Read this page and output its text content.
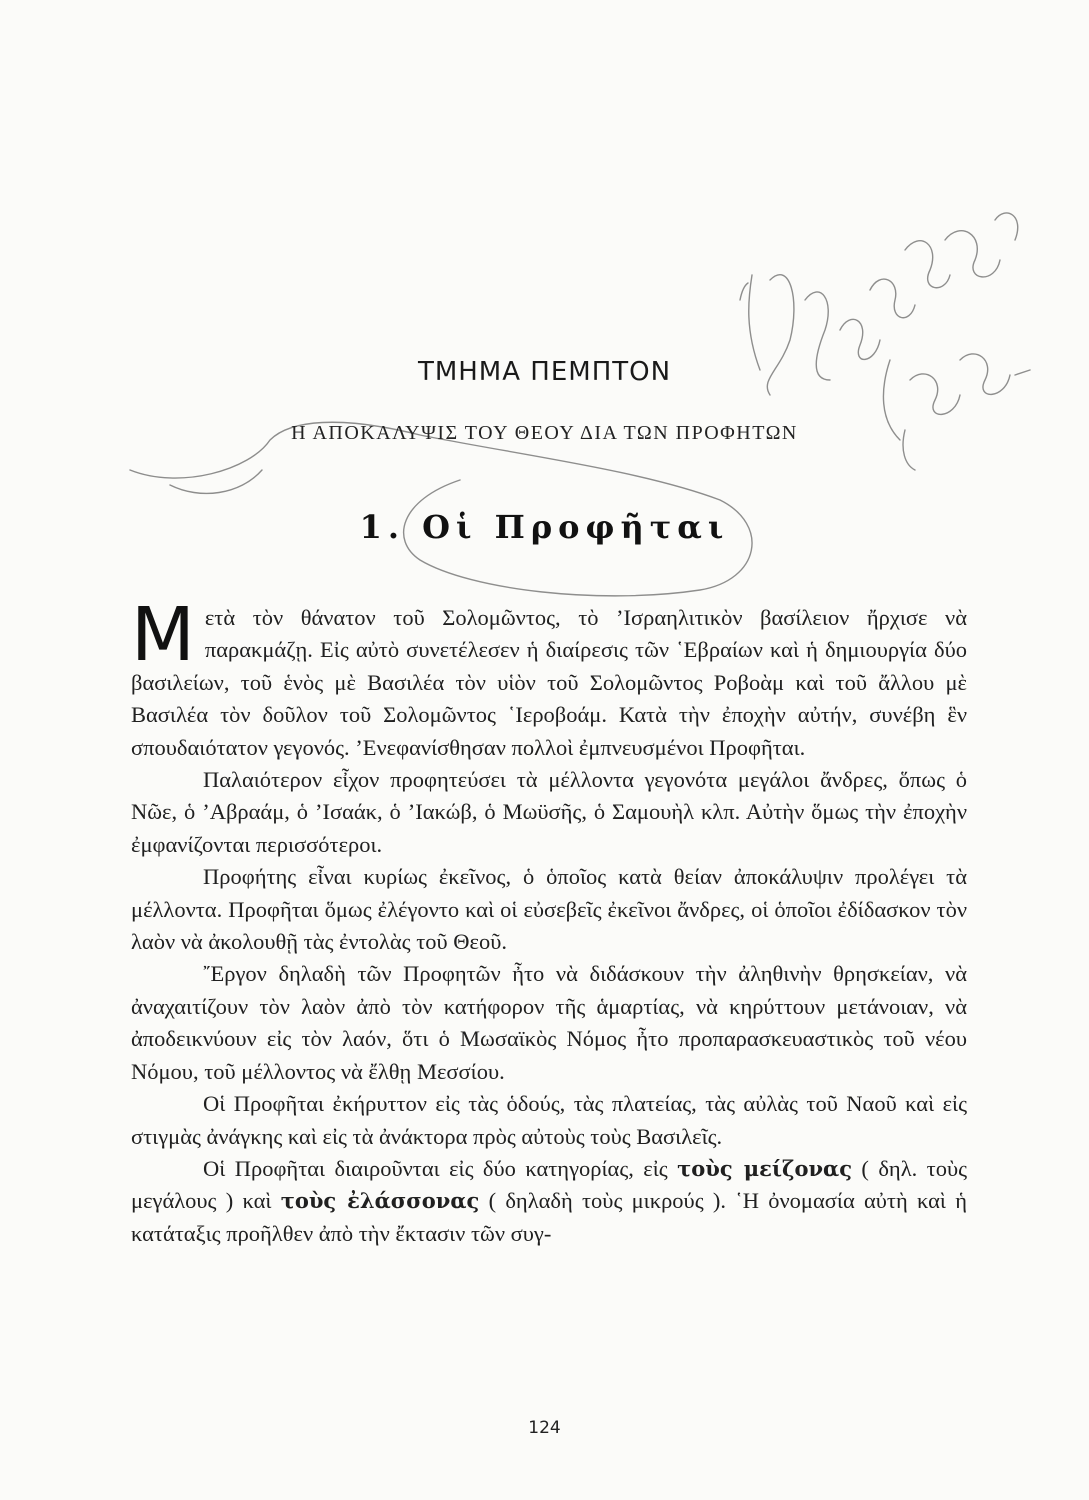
ΤΜΗΜΑ ΠΕΜΠΤΟΝ
Η ΑΠΟΚΑΛΥΨΙΣ ΤΟΥ ΘΕΟΥ ΔΙΑ ΤΩΝ ΠΡΟΦΗΤΩΝ
1. Οἱ Προφῆται

Μετὰ τὸν θάνατον τοῦ Σολομῶντος, τὸ ’Ισραηλιτικὸν βασίλειον ἤρχισε νὰ παρακμάζῃ. Εἰς αὐτὸ συνετέλεσεν ἡ διαίρεσις τῶν ῾Εβραίων καὶ ἡ δημιουργία δύο βασιλείων, τοῦ ἑνὸς μὲ Βασιλέα τὸν υἱὸν τοῦ Σολομῶντος Ροβοὰμ καὶ τοῦ ἄλλου μὲ Βασιλέα τὸν δοῦλον τοῦ Σολομῶντος ῾Ιεροβοάμ. Κατὰ τὴν ἐποχὴν αὐτήν, συνέβη ἓν σπουδαιότατον γεγονός. ’Ενεφανίσθησαν πολλοὶ ἐμπνευσμένοι Προφῆται.

Παλαιότερον εἶχον προφητεύσει τὰ μέλλοντα γεγονότα μεγάλοι ἄνδρες, ὅπως ὁ Νῶε, ὁ ’Αβραάμ, ὁ ’Ισαάκ, ὁ ’Ιακώβ, ὁ Μωϋσῆς, ὁ Σαμουὴλ κλπ. Αὐτὴν ὅμως τὴν ἐποχὴν ἐμφανίζονται περισσότεροι.

Προφήτης εἶναι κυρίως ἐκεῖνος, ὁ ὁποῖος κατὰ θείαν ἀποκάλυψιν προλέγει τὰ μέλλοντα. Προφῆται ὅμως ἐλέγοντο καὶ οἱ εὐσεβεῖς ἐκεῖνοι ἄνδρες, οἱ ὁποῖοι ἐδίδασκον τὸν λαὸν νὰ ἀκολουθῇ τὰς ἐντολὰς τοῦ Θεοῦ.

῎Εργον δηλαδὴ τῶν Προφητῶν ἦτο νὰ διδάσκουν τὴν ἀληθινὴν θρησκείαν, νὰ ἀναχαιτίζουν τὸν λαὸν ἀπὸ τὸν κατήφορον τῆς ἁμαρτίας, νὰ κηρύττουν μετάνοιαν, νὰ ἀποδεικνύουν εἰς τὸν λαόν, ὅτι ὁ Μωσαϊκὸς Νόμος ἦτο προπαρασκευαστικὸς τοῦ νέου Νόμου, τοῦ μέλλοντος νὰ ἔλθῃ Μεσσίου.

Οἱ Προφῆται ἐκήρυττον εἰς τὰς ὁδούς, τὰς πλατείας, τὰς αὐλὰς τοῦ Ναοῦ καὶ εἰς στιγμὰς ἀνάγκης καὶ εἰς τὰ ἀνάκτορα πρὸς αὐτοὺς τοὺς Βασιλεῖς.

Οἱ Προφῆται διαιροῦνται εἰς δύο κατηγορίας, εἰς τοὺς μείζονας ( δηλ. τοὺς μεγάλους ) καὶ τοὺς ἐλάσσονας ( δηλαδὴ τοὺς μικρούς ). ῾Η ὀνομασία αὐτὴ καὶ ἡ κατάταξις προῆλθεν ἀπὸ τὴν ἔκτασιν τῶν συγ-

124
